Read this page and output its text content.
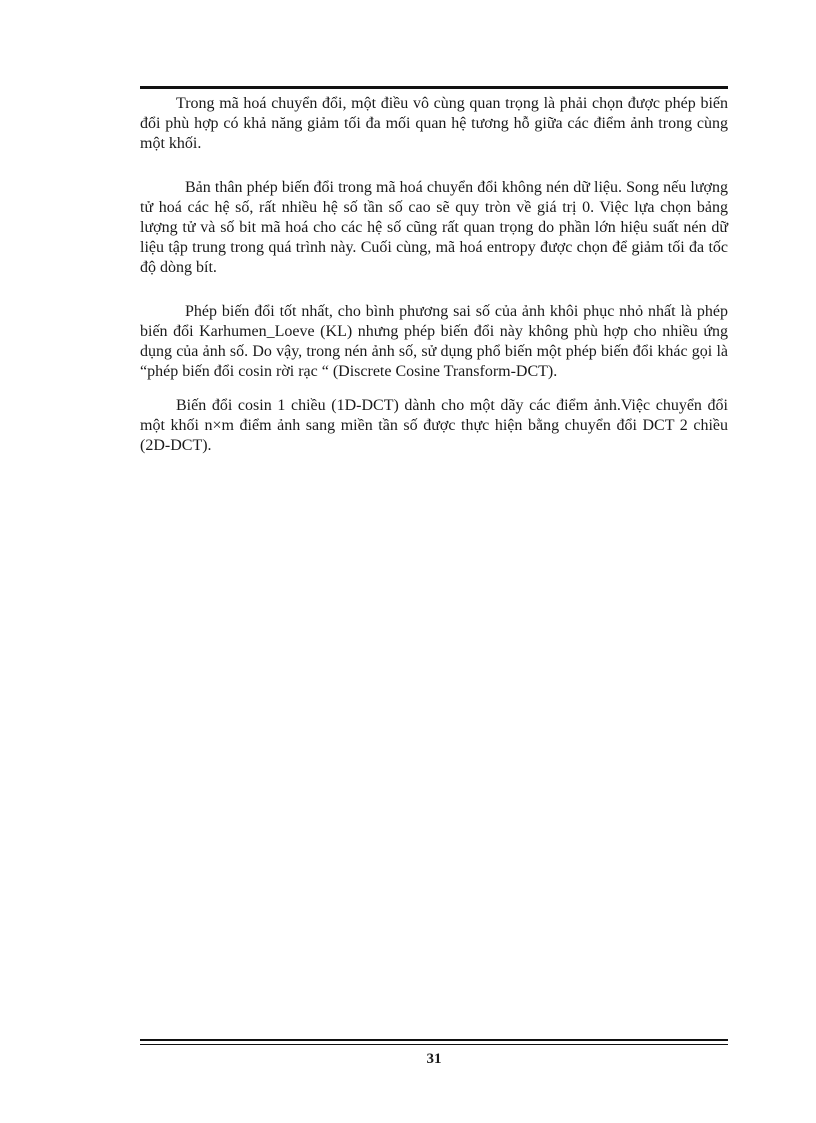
Trong mã hoá chuyển đổi, một điều vô cùng quan trọng là phải chọn được phép biến đổi phù hợp có khả năng giảm tối đa mối quan hệ tương hỗ giữa các điểm ảnh trong cùng một khối.

Bản thân phép biến đổi trong mã hoá chuyển đổi không nén dữ liệu. Song nếu lượng tử hoá các hệ số, rất nhiều hệ số tần số cao sẽ quy tròn về giá trị 0. Việc lựa chọn bảng lượng tử và số bit mã hoá cho các hệ số cũng rất quan trọng do phần lớn hiệu suất nén dữ liệu tập trung trong quá trình này. Cuối cùng, mã hoá entropy được chọn để giảm tối đa tốc độ dòng bít.

Phép biến đổi tốt nhất, cho bình phương sai số của ảnh khôi phục nhỏ nhất là phép biến đổi Karhumen_Loeve (KL) nhưng phép biến đổi này không phù hợp cho nhiều ứng dụng của ảnh số. Do vậy, trong nén ảnh số, sử dụng phổ biến một phép biến đổi khác gọi là “phép biến đổi cosin rời rạc “ (Discrete Cosine Transform-DCT).

Biến đổi cosin 1 chiều (1D-DCT) dành cho một dãy các điểm ảnh.Việc chuyển đổi một khối n×m điểm ảnh sang miền tần số được thực hiện bằng chuyển đổi DCT 2 chiều (2D-DCT).

31
